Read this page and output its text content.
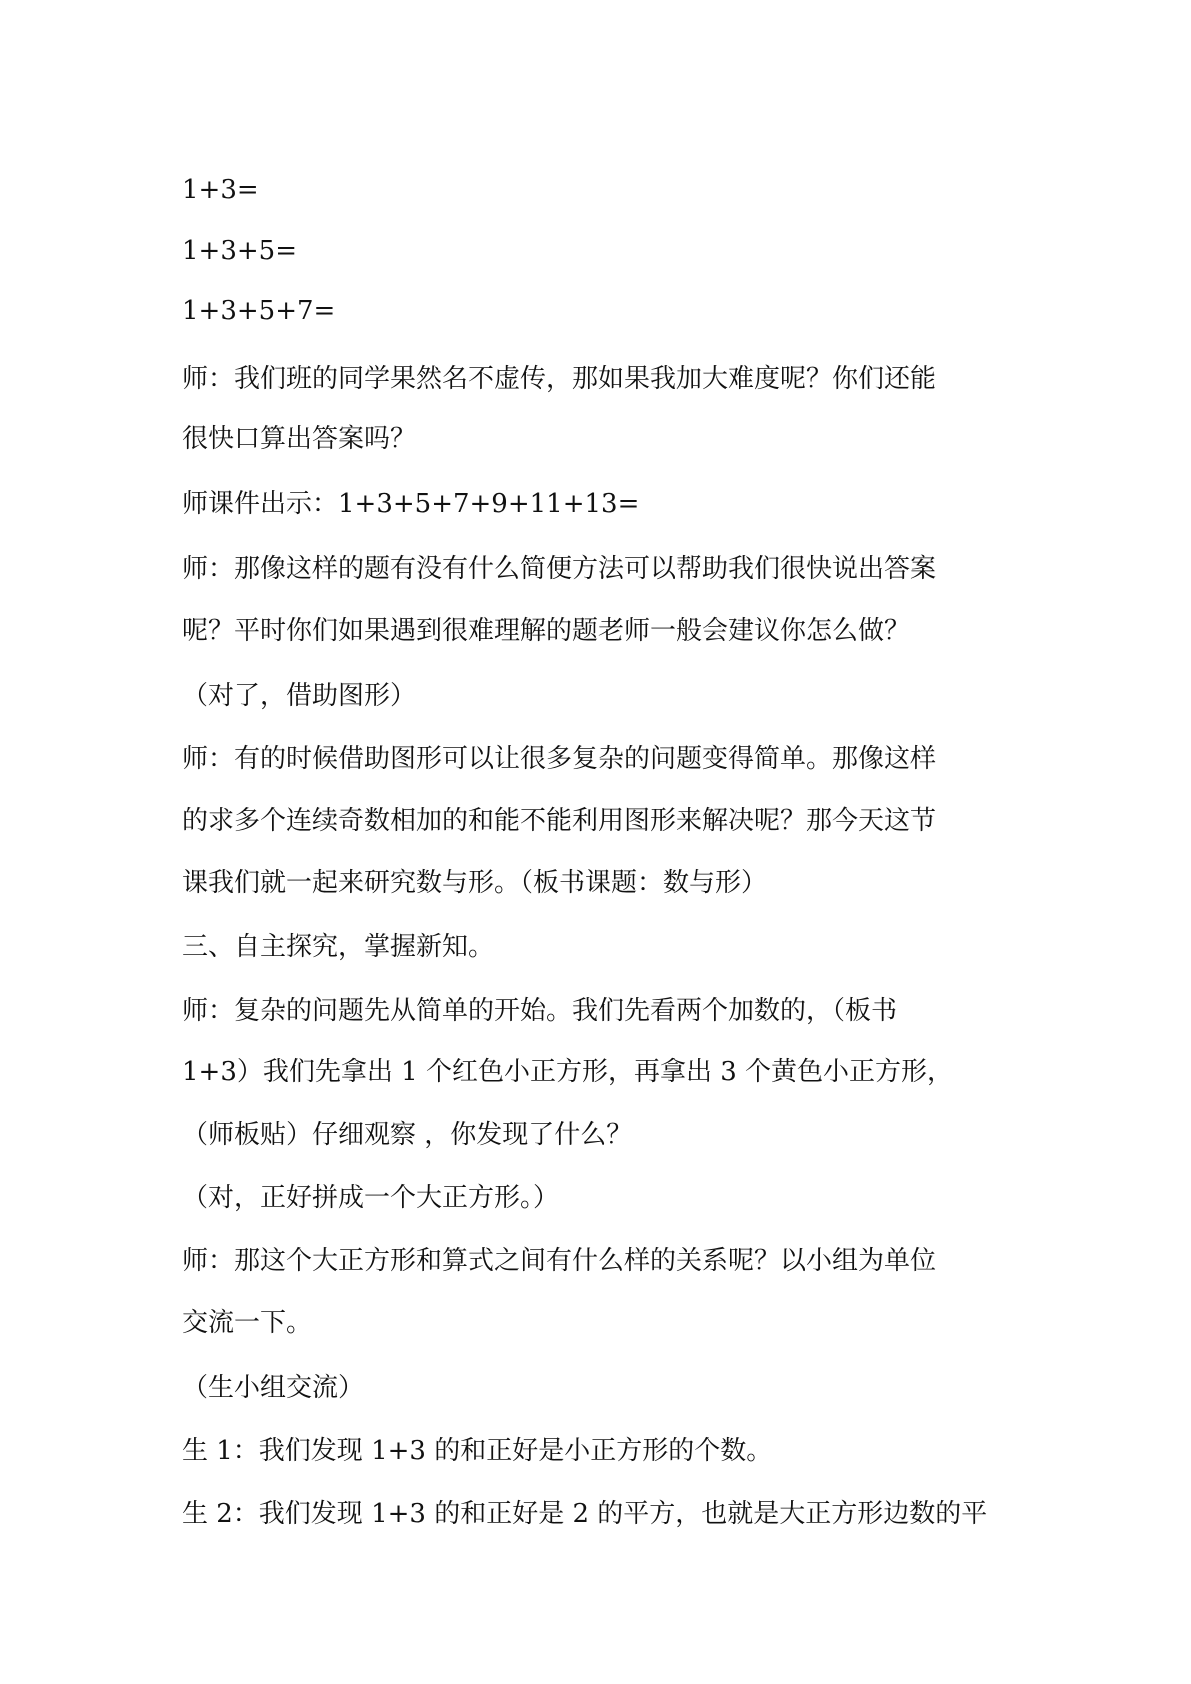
1+3=

1+3+5=

1+3+5+7=

师：我们班的同学果然名不虚传，那如果我加大难度呢？你们还能

很快口算出答案吗？

师课件出示：1+3+5+7+9+11+13=

师：那像这样的题有没有什么简便方法可以帮助我们很快说出答案

呢？平时你们如果遇到很难理解的题老师一般会建议你怎么做？

（对了，借助图形）

师：有的时候借助图形可以让很多复杂的问题变得简单。那像这样

的求多个连续奇数相加的和能不能利用图形来解决呢？那今天这节

课我们就一起来研究数与形。（板书课题：数与形）

三、自主探究，掌握新知。

师：复杂的问题先从简单的开始。我们先看两个加数的，（板书

1+3）我们先拿出 1 个红色小正方形，再拿出 3 个黄色小正方形，

（师板贴）仔细观察 ，你发现了什么？

（对，正好拼成一个大正方形。）

师：那这个大正方形和算式之间有什么样的关系呢？以小组为单位

交流一下。

（生小组交流）

生 1：我们发现 1+3 的和正好是小正方形的个数。

生 2：我们发现 1+3 的和正好是 2 的平方，也就是大正方形边数的平
